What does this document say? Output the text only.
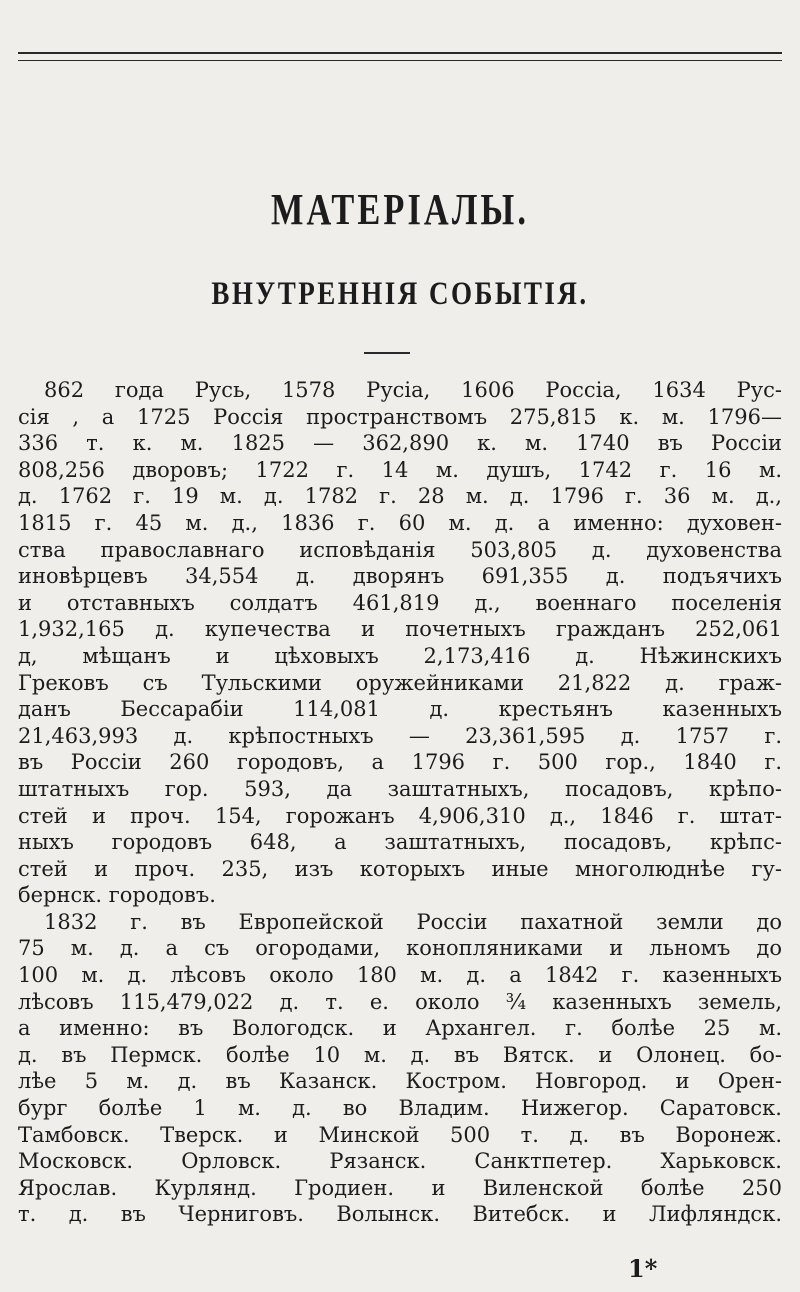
МАТЕРІАЛЫ.
ВНУТРЕННІЯ СОБЫТІЯ.
862 года Русь, 1578 Русіа, 1606 Россіа, 1634 Рус-
сія , а 1725 Россія пространствомъ 275,815 к. м. 1796—
336 т. к. м. 1825 — 362,890 к. м. 1740 въ Россіи
808,256 дворовъ; 1722 г. 14 м. душъ, 1742 г. 16 м.
д. 1762 г. 19 м. д. 1782 г. 28 м. д. 1796 г. 36 м. д.,
1815 г. 45 м. д., 1836 г. 60 м. д. а именно: духовен-
ства православнаго исповѣданія 503,805 д. духовенства
иновѣрцевъ 34,554 д. дворянъ 691,355 д. подъячихъ
и отставныхъ солдатъ 461,819 д., военнаго поселенія
1,932,165 д. купечества и почетныхъ гражданъ 252,061
д, мѣщанъ и цѣховыхъ 2,173,416 д. Нѣжинскихъ
Грековъ съ Тульскими оружейниками 21,822 д. граж-
данъ Бессарабіи 114,081 д. крестьянъ казенныхъ
21,463,993 д. крѣпостныхъ — 23,361,595 д. 1757 г.
въ Россіи 260 городовъ, а 1796 г. 500 гор., 1840 г.
штатныхъ гор. 593, да заштатныхъ, посадовъ, крѣпо-
стей и проч. 154, горожанъ 4,906,310 д., 1846 г. штат-
ныхъ городовъ 648, а заштатныхъ, посадовъ, крѣпс-
стей и проч. 235, изъ которыхъ иные многолюднѣе гу-
бернск. городовъ.
1832 г. въ Европейской Россіи пахатной земли до
75 м. д. а съ огородами, конопляниками и льномъ до
100 м. д. лѣсовъ около 180 м. д. а 1842 г. казенныхъ
лѣсовъ 115,479,022 д. т. е. около ¾ казенныхъ земель,
а именно: въ Вологодск. и Архангел. г. болѣе 25 м.
д. въ Пермск. болѣе 10 м. д. въ Вятск. и Олонец. бо-
лѣе 5 м. д. въ Казанск. Костром. Новгород. и Орен-
бург болѣе 1 м. д. во Владим. Нижегор. Саратовск.
Тамбовск. Тверск. и Минской 500 т. д. въ Воронеж.
Московск. Орловск. Рязанск. Санктпетер. Харьковск.
Ярослав. Курлянд. Гродиен. и Виленской болѣе 250
т. д. въ Черниговъ. Волынск. Витебск. и Лифляндск.
1*
